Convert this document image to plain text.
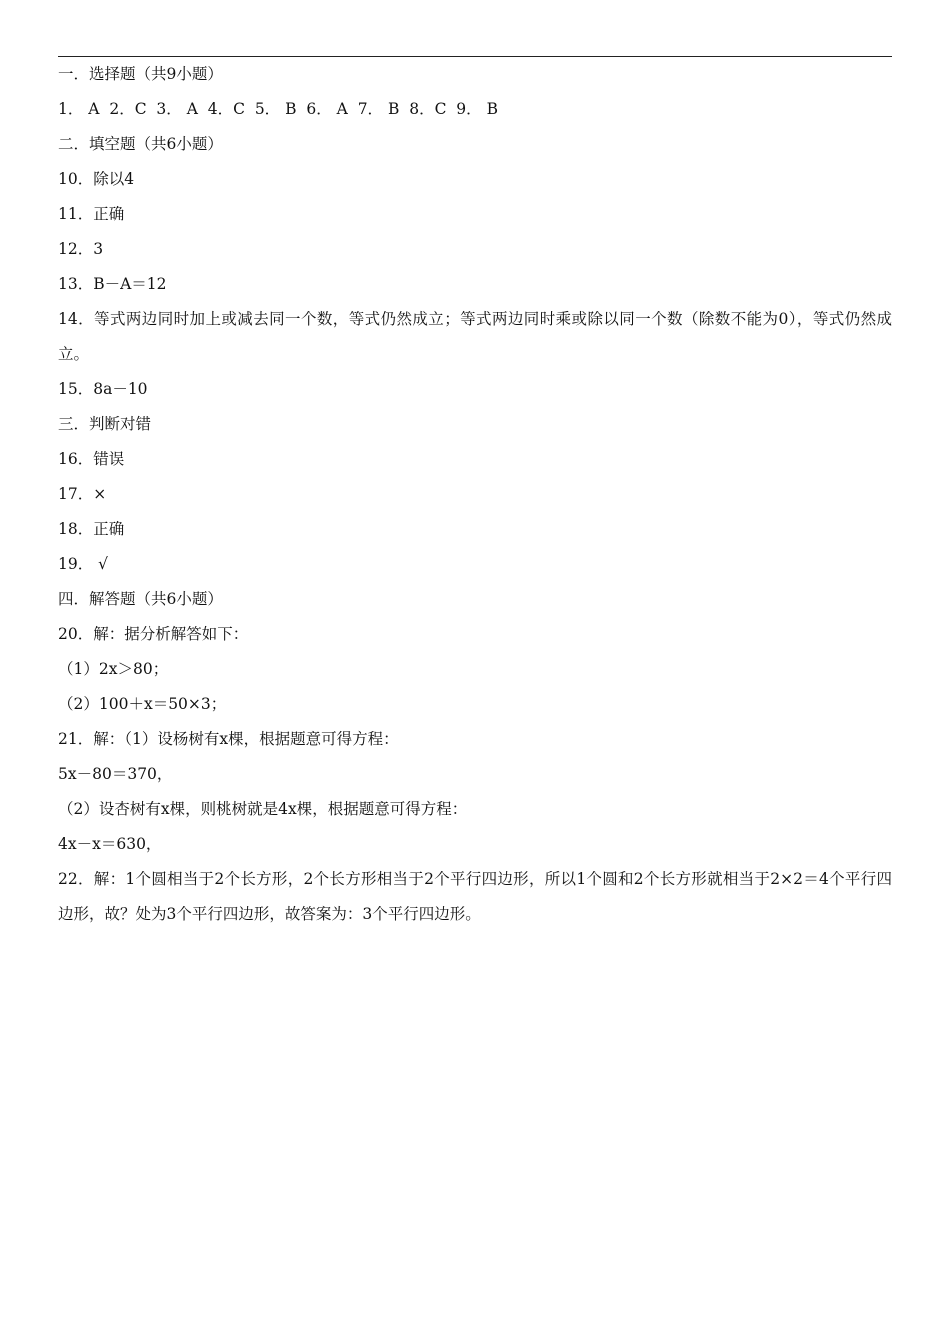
一．选择题（共9小题）
1． A  2．C  3． A  4．C  5． B  6． A  7． B  8．C  9． B
二．填空题（共6小题）
10．除以4
11．正确
12．3
13．B－A＝12
14．等式两边同时加上或减去同一个数，等式仍然成立；等式两边同时乘或除以同一个数（除数不能为0），等式仍然成立。
15．8a－10
三．判断对错
16．错误
17．×
18．正确
19． √
四．解答题（共6小题）
20．解：据分析解答如下：
（1）2x＞80；
（2）100＋x＝50×3；
21．解：（1）设杨树有x棵，根据题意可得方程：
5x－80＝370，
（2）设杏树有x棵，则桃树就是4x棵，根据题意可得方程：
4x－x＝630，
22．解：1个圆相当于2个长方形，2个长方形相当于2个平行四边形，所以1个圆和2个长方形就相当于2×2＝4个平行四边形，故？处为3个平行四边形，故答案为：3个平行四边形。
